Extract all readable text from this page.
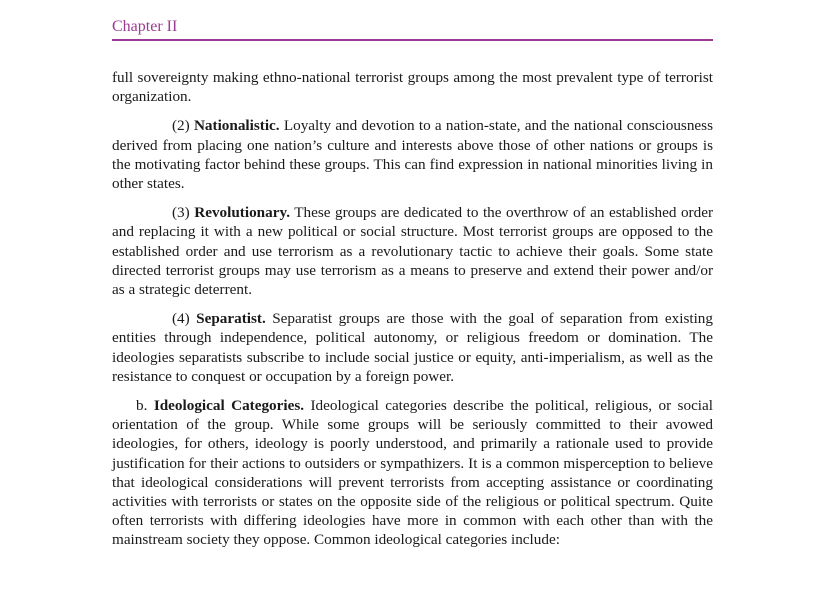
Chapter II

full sovereignty making ethno-national terrorist groups among the most prevalent type of terrorist organization.

(2) Nationalistic. Loyalty and devotion to a nation-state, and the national consciousness derived from placing one nation’s culture and interests above those of other nations or groups is the motivating factor behind these groups. This can find expression in national minorities living in other states.

(3) Revolutionary. These groups are dedicated to the overthrow of an established order and replacing it with a new political or social structure. Most terrorist groups are opposed to the established order and use terrorism as a revolutionary tactic to achieve their goals. Some state directed terrorist groups may use terrorism as a means to preserve and extend their power and/or as a strategic deterrent.

(4) Separatist. Separatist groups are those with the goal of separation from existing entities through independence, political autonomy, or religious freedom or domination. The ideologies separatists subscribe to include social justice or equity, anti-imperialism, as well as the resistance to conquest or occupation by a foreign power.

b. Ideological Categories. Ideological categories describe the political, religious, or social orientation of the group. While some groups will be seriously committed to their avowed ideologies, for others, ideology is poorly understood, and primarily a rationale used to provide justification for their actions to outsiders or sympathizers. It is a common misperception to believe that ideological considerations will prevent terrorists from accepting assistance or coordinating activities with terrorists or states on the opposite side of the religious or political spectrum. Quite often terrorists with differing ideologies have more in common with each other than with the mainstream society they oppose. Common ideological categories include:
